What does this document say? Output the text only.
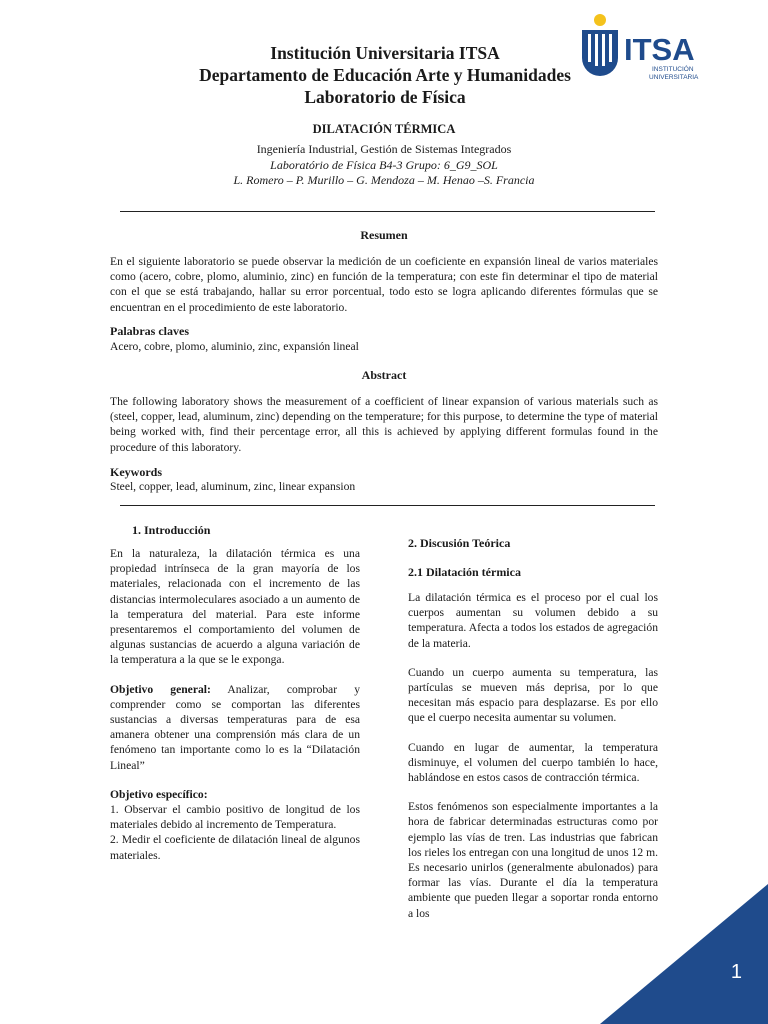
Institución Universitaria ITSA
Departamento de Educación Arte y Humanidades
Laboratorio de Física
ITSA
INSTITUCIÓN
UNIVERSITARIA
DILATACIÓN TÉRMICA
Ingeniería Industrial, Gestión de Sistemas Integrados
Laboratório de Física B4-3 Grupo: 6_G9_SOL
L. Romero – P. Murillo – G. Mendoza – M. Henao –S. Francia
Resumen
En el siguiente laboratorio se puede observar la medición de un coeficiente en expansión lineal de varios materiales como (acero, cobre, plomo, aluminio, zinc) en función de la temperatura; con este fin determinar el tipo de material con el que se está trabajando, hallar su error porcentual, todo esto se logra aplicando diferentes fórmulas que se encuentran en el procedimiento de este laboratorio.
Palabras claves
Acero, cobre, plomo, aluminio, zinc, expansión lineal
Abstract
The following laboratory shows the measurement of a coefficient of linear expansion of various materials such as (steel, copper, lead, aluminum, zinc) depending on the temperature; for this purpose, to determine the type of material being worked with, find their percentage error, all this is achieved by applying different formulas found in the procedure of this laboratory.
Keywords
Steel, copper, lead, aluminum, zinc, linear expansion
1. Introducción

En la naturaleza, la dilatación térmica es una propiedad intrínseca de la gran mayoría de los materiales, relacionada con el incremento de las distancias intermoleculares asociado a un aumento de la temperatura del material. Para este informe presentaremos el comportamiento del volumen de algunas sustancias de acuerdo a alguna variación de la temperatura a la que se le exponga.

Objetivo general: Analizar, comprobar y comprender como se comportan las diferentes sustancias a diversas temperaturas para de esa amanera obtener una comprensión más clara de un fenómeno tan importante como lo es la “Dilatación Lineal”

Objetivo específico:
1. Observar el cambio positivo de longitud de los materiales debido al incremento de Temperatura.
2. Medir el coeficiente de dilatación lineal de algunos materiales.
2. Discusión Teórica
2.1 Dilatación térmica

La dilatación térmica es el proceso por el cual los cuerpos aumentan su volumen debido a su temperatura. Afecta a todos los estados de agregación de la materia.

Cuando un cuerpo aumenta su temperatura, las partículas se mueven más deprisa, por lo que necesitan más espacio para desplazarse. Es por ello que el cuerpo necesita aumentar su volumen.

Cuando en lugar de aumentar, la temperatura disminuye, el volumen del cuerpo también lo hace, hablándose en estos casos de contracción térmica.

Estos fenómenos son especialmente importantes a la hora de fabricar determinadas estructuras como por ejemplo las vías de tren. Las industrias que fabrican los rieles los entregan con una longitud de unos 12 m. Es necesario unirlos (generalmente abulonados) para formar las vías. Durante el día la temperatura ambiente que pueden llegar a soportar ronda entorno a los

1
